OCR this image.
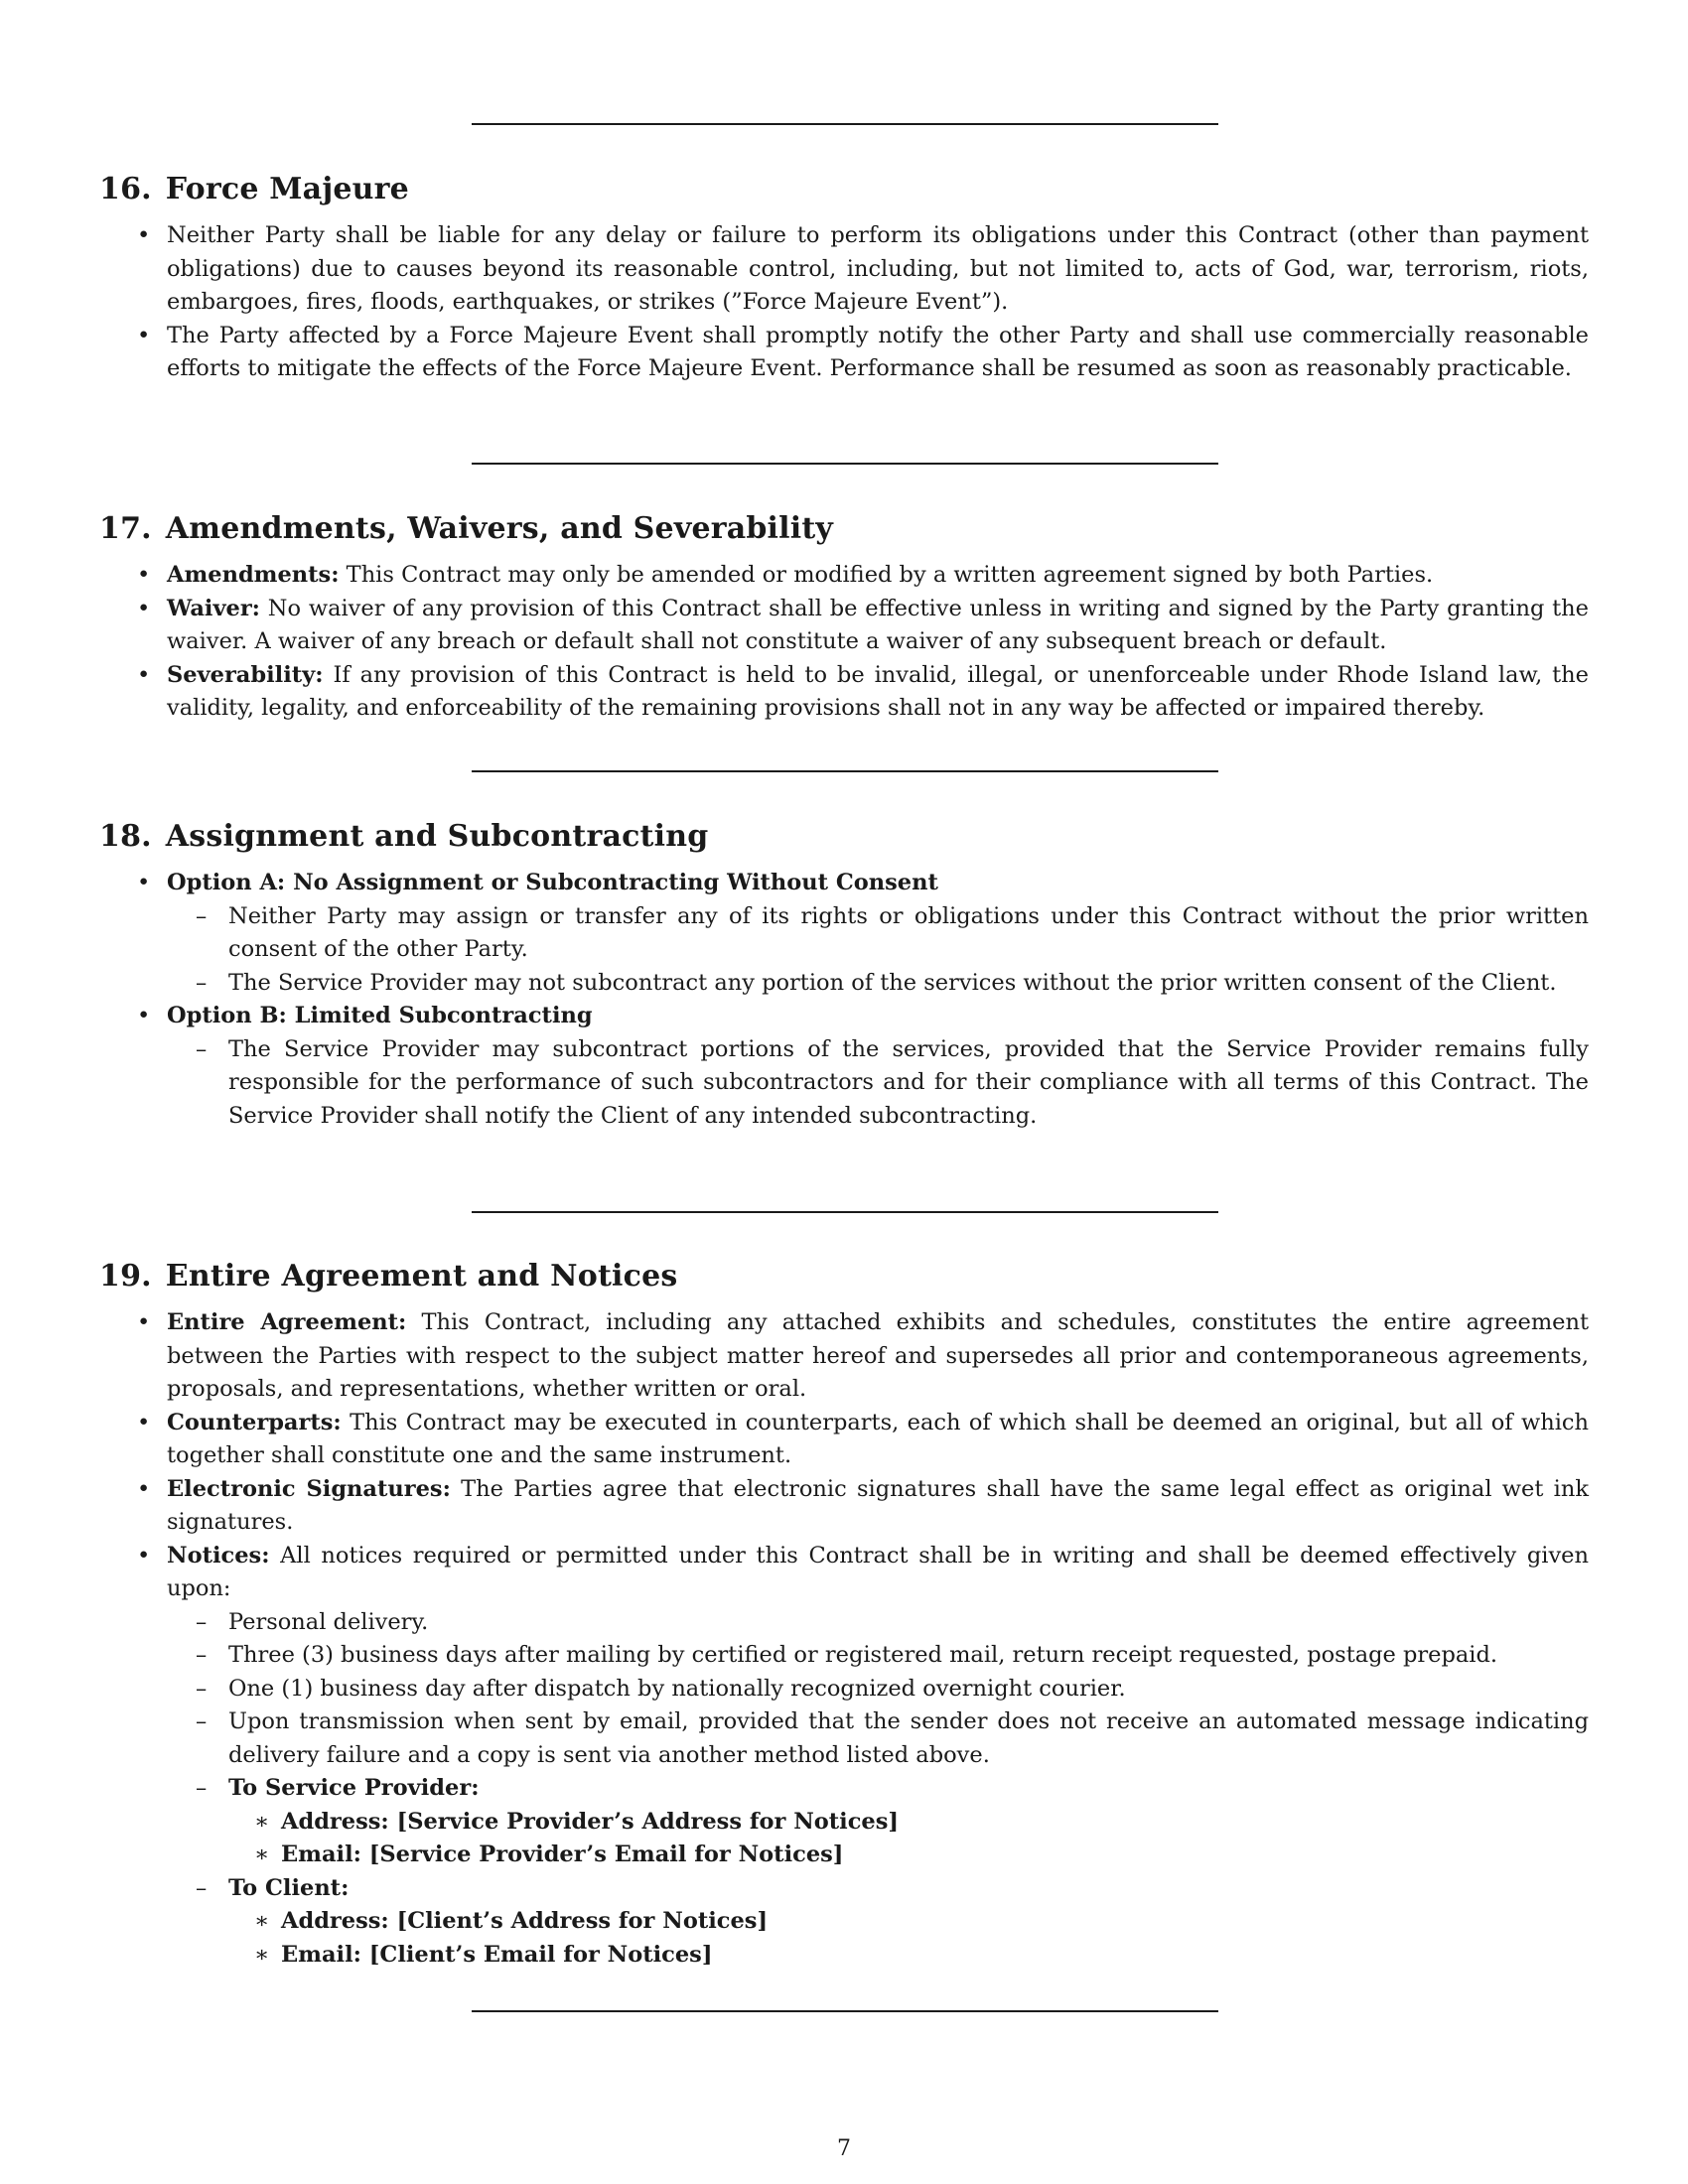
16. Force Majeure
• Neither Party shall be liable for any delay or failure to perform its obligations under this Contract (other than payment obligations) due to causes beyond its reasonable control, including, but not limited to, acts of God, war, terrorism, riots, embargoes, fires, floods, earthquakes, or strikes (”Force Majeure Event”).
• The Party affected by a Force Majeure Event shall promptly notify the other Party and shall use commercially reasonable efforts to mitigate the effects of the Force Majeure Event. Performance shall be resumed as soon as reasonably practicable.
17. Amendments, Waivers, and Severability
• Amendments: This Contract may only be amended or modified by a written agreement signed by both Parties.
• Waiver: No waiver of any provision of this Contract shall be effective unless in writing and signed by the Party granting the waiver. A waiver of any breach or default shall not constitute a waiver of any subsequent breach or default.
• Severability: If any provision of this Contract is held to be invalid, illegal, or unenforceable under Rhode Island law, the validity, legality, and enforceability of the remaining provisions shall not in any way be affected or impaired thereby.
18. Assignment and Subcontracting
• Option A: No Assignment or Subcontracting Without Consent
– Neither Party may assign or transfer any of its rights or obligations under this Contract without the prior written consent of the other Party.
– The Service Provider may not subcontract any portion of the services without the prior written consent of the Client.
• Option B: Limited Subcontracting
– The Service Provider may subcontract portions of the services, provided that the Service Provider remains fully responsible for the performance of such subcontractors and for their compliance with all terms of this Contract. The Service Provider shall notify the Client of any intended subcontracting.
19. Entire Agreement and Notices
• Entire Agreement: This Contract, including any attached exhibits and schedules, constitutes the entire agreement between the Parties with respect to the subject matter hereof and supersedes all prior and contemporaneous agreements, proposals, and representations, whether written or oral.
• Counterparts: This Contract may be executed in counterparts, each of which shall be deemed an original, but all of which together shall constitute one and the same instrument.
• Electronic Signatures: The Parties agree that electronic signatures shall have the same legal effect as original wet ink signatures.
• Notices: All notices required or permitted under this Contract shall be in writing and shall be deemed effectively given upon:
– Personal delivery.
– Three (3) business days after mailing by certified or registered mail, return receipt requested, postage prepaid.
– One (1) business day after dispatch by nationally recognized overnight courier.
– Upon transmission when sent by email, provided that the sender does not receive an automated message indicating delivery failure and a copy is sent via another method listed above.
– To Service Provider:
∗ Address: [Service Provider’s Address for Notices]
∗ Email: [Service Provider’s Email for Notices]
– To Client:
∗ Address: [Client’s Address for Notices]
∗ Email: [Client’s Email for Notices]
7
